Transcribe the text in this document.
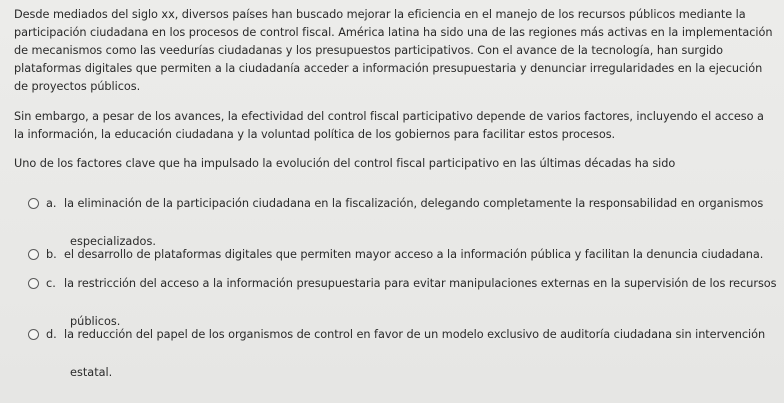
Desde mediados del siglo xx, diversos países han buscado mejorar la eficiencia en el manejo de los recursos públicos mediante la participación ciudadana en los procesos de control fiscal. América latina ha sido una de las regiones más activas en la implementación de mecanismos como las veedurías ciudadanas y los presupuestos participativos. Con el avance de la tecnología, han surgido plataformas digitales que permiten a la ciudadanía acceder a información presupuestaria y denunciar irregularidades en la ejecución de proyectos públicos.

Sin embargo, a pesar de los avances, la efectividad del control fiscal participativo depende de varios factores, incluyendo el acceso a la información, la educación ciudadana y la voluntad política de los gobiernos para facilitar estos procesos.

Uno de los factores clave que ha impulsado la evolución del control fiscal participativo en las últimas décadas ha sido

a. la eliminación de la participación ciudadana en la fiscalización, delegando completamente la responsabilidad en organismos
especializados.
b. el desarrollo de plataformas digitales que permiten mayor acceso a la información pública y facilitan la denuncia ciudadana.
c. la restricción del acceso a la información presupuestaria para evitar manipulaciones externas en la supervisión de los recursos
públicos.
d. la reducción del papel de los organismos de control en favor de un modelo exclusivo de auditoría ciudadana sin intervención
estatal.
